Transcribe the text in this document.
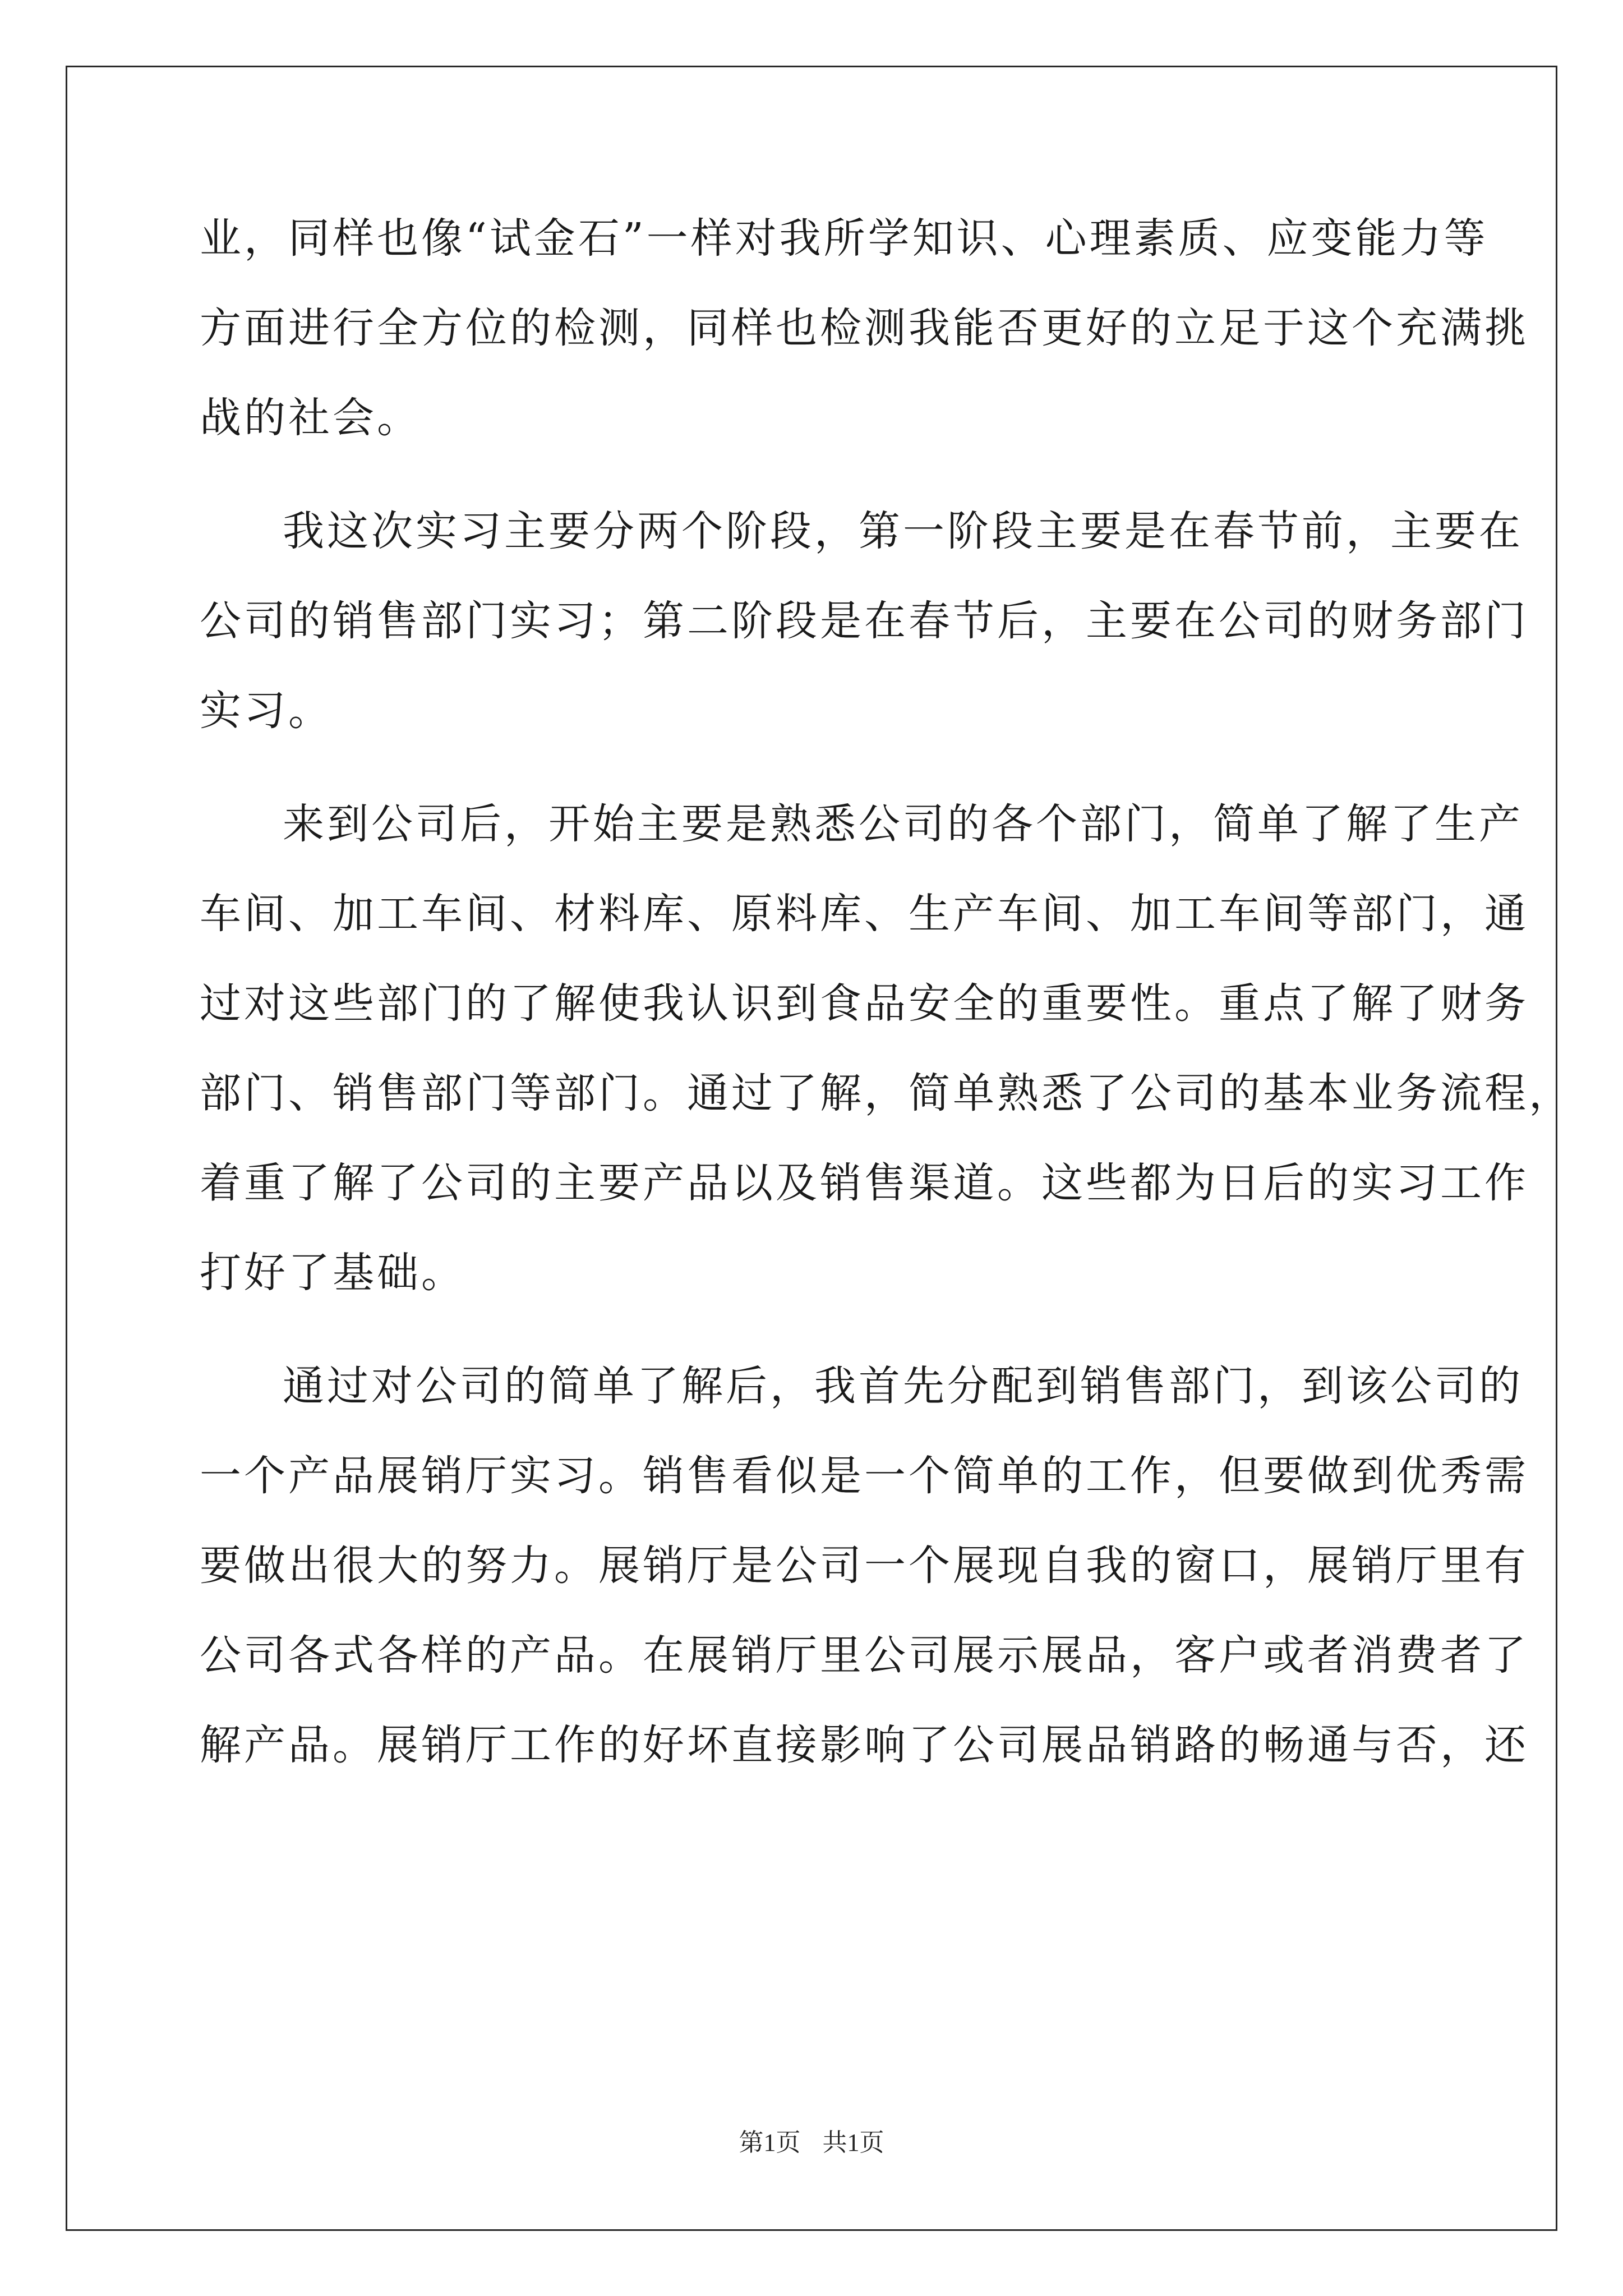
业，同样也像“试金石”一样对我所学知识、心理素质、应变能力等
方面进行全方位的检测，同样也检测我能否更好的立足于这个充满挑
战的社会。
我这次实习主要分两个阶段，第一阶段主要是在春节前，主要在
公司的销售部门实习；第二阶段是在春节后，主要在公司的财务部门
实习。
来到公司后，开始主要是熟悉公司的各个部门，简单了解了生产
车间、加工车间、材料库、原料库、生产车间、加工车间等部门，通
过对这些部门的了解使我认识到食品安全的重要性。重点了解了财务
部门、销售部门等部门。通过了解，简单熟悉了公司的基本业务流程，
着重了解了公司的主要产品以及销售渠道。这些都为日后的实习工作
打好了基础。
通过对公司的简单了解后，我首先分配到销售部门，到该公司的
一个产品展销厅实习。销售看似是一个简单的工作，但要做到优秀需
要做出很大的努力。展销厅是公司一个展现自我的窗口，展销厅里有
公司各式各样的产品。在展销厅里公司展示展品，客户或者消费者了
解产品。展销厅工作的好坏直接影响了公司展品销路的畅通与否，还
第1页 共1页
